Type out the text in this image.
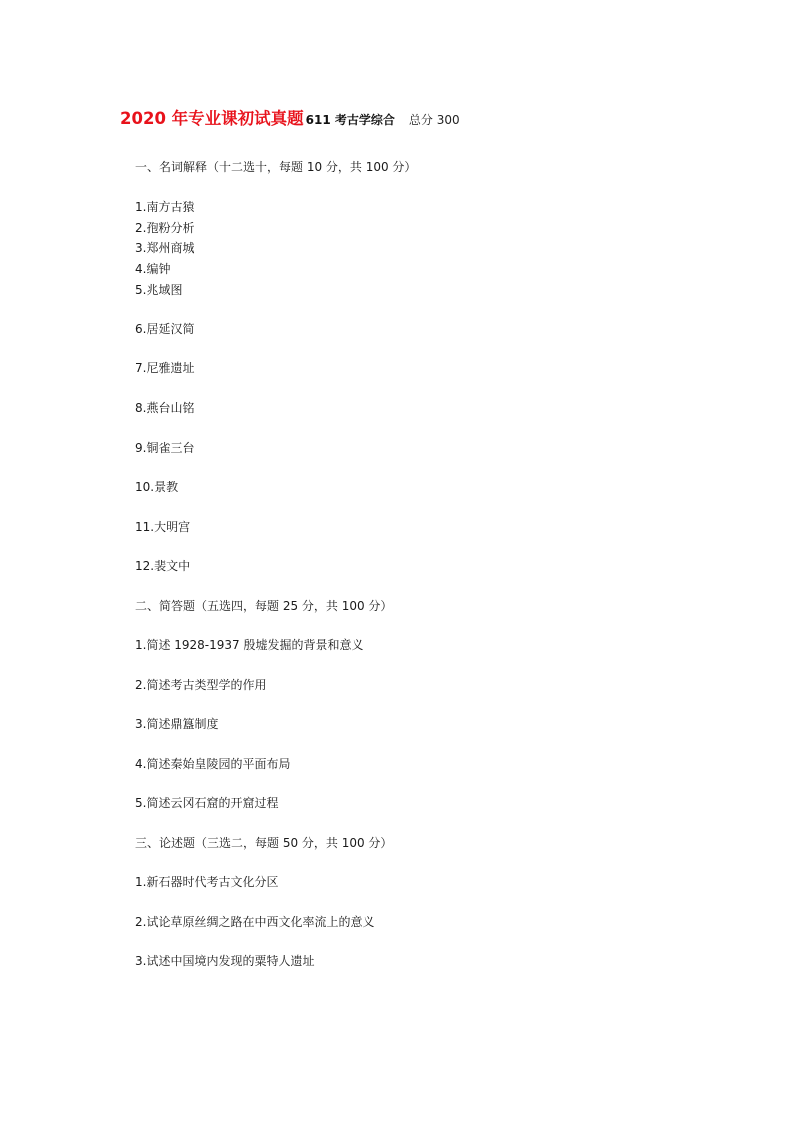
2020 年专业课初试真题 611 考古学综合 总分 300
一、名词解释（十二选十，每题 10 分，共 100 分）
1.南方古猿
2.孢粉分析
3.郑州商城
4.编钟
5.兆域图
6.居延汉简
7.尼雅遗址
8.燕台山铭
9.铜雀三台
10.景教
11.大明宫
12.裴文中
二、简答题（五选四，每题 25 分，共 100 分）
1.简述 1928-1937 殷墟发掘的背景和意义
2.简述考古类型学的作用
3.简述鼎簋制度
4.简述秦始皇陵园的平面布局
5.简述云冈石窟的开窟过程
三、论述题（三选二，每题 50 分，共 100 分）
1.新石器时代考古文化分区
2.试论草原丝绸之路在中西文化率流上的意义
3.试述中国境内发现的粟特人遗址
